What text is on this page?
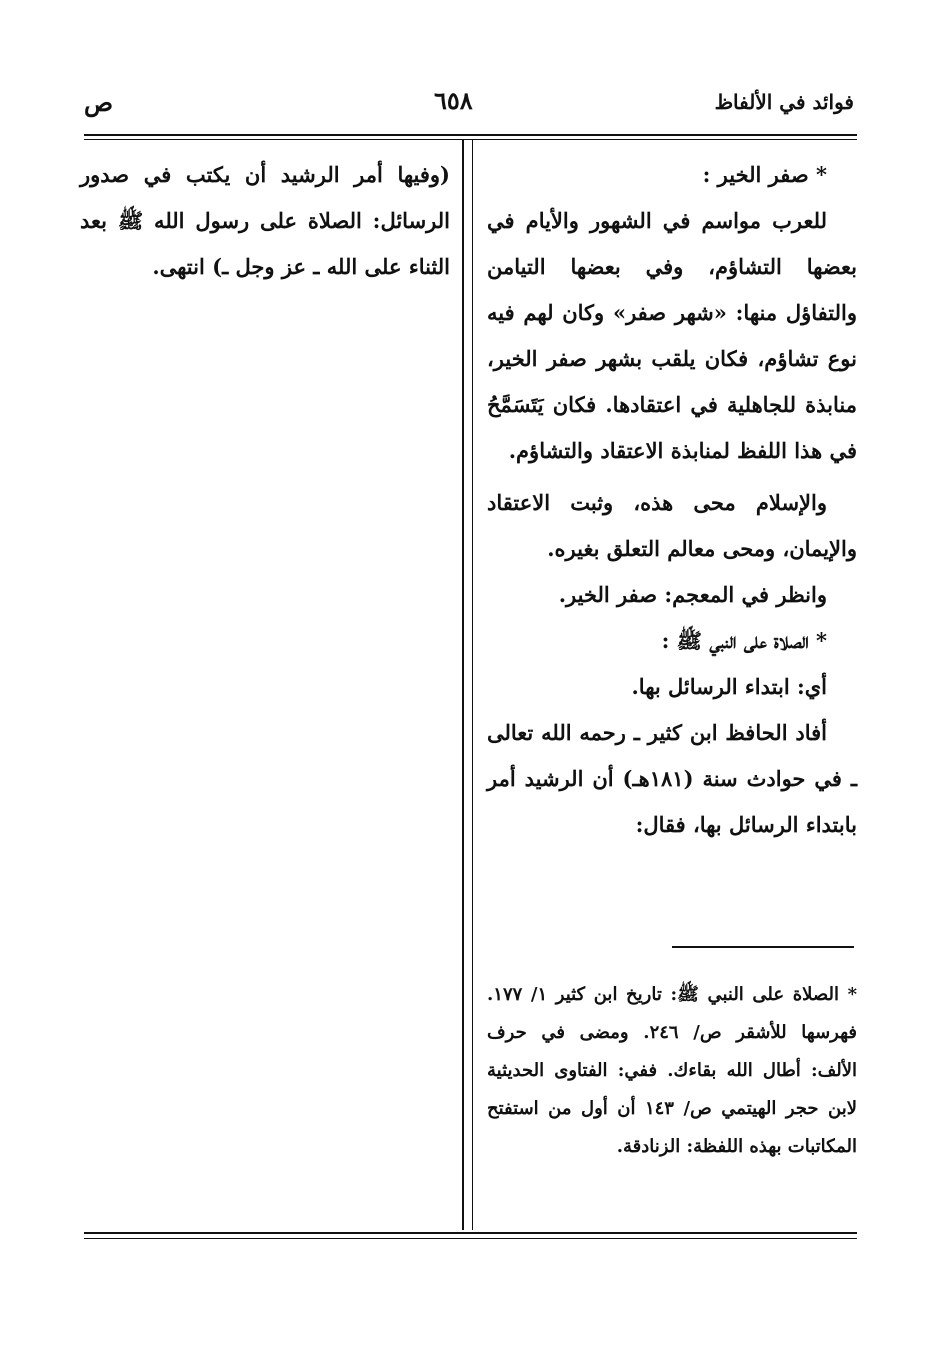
فوائد في الألفاظ
٦٥٨
ص

* صفر الخير :

للعرب مواسم في الشهور والأيام في بعضها التشاؤم، وفي بعضها التيامن والتفاؤل منها: «شهر صفر» وكان لهم فيه نوع تشاؤم، فكان يلقب بشهر صفر الخير، منابذة للجاهلية في اعتقادها. فكان يَتَسَمَّحُ في هذا اللفظ لمنابذة الاعتقاد والتشاؤم.

والإسلام محى هذه، وثبت الاعتقاد والإيمان، ومحى معالم التعلق بغيره.

وانظر في المعجم: صفر الخير.

* الصلاة على النبي ﷺ :

أي: ابتداء الرسائل بها.

أفاد الحافظ ابن كثير ـ رحمه الله تعالى ـ في حوادث سنة (١٨١هـ) أن الرشيد أمر بابتداء الرسائل بها، فقال:

(وفيها أمر الرشيد أن يكتب في صدور الرسائل: الصلاة على رسول الله ﷺ بعد الثناء على الله ـ عز وجل ـ) انتهى.

* الصلاة على النبي ﷺ: تاريخ ابن كثير ١/ ١٧٧. فهرسها للأشقر ص/ ٢٤٦. ومضى في حرف الألف: أطال الله بقاءك. ففي: الفتاوى الحديثية لابن حجر الهيتمي ص/ ١٤٣ أن أول من استفتح المكاتبات بهذه اللفظة: الزنادقة.
